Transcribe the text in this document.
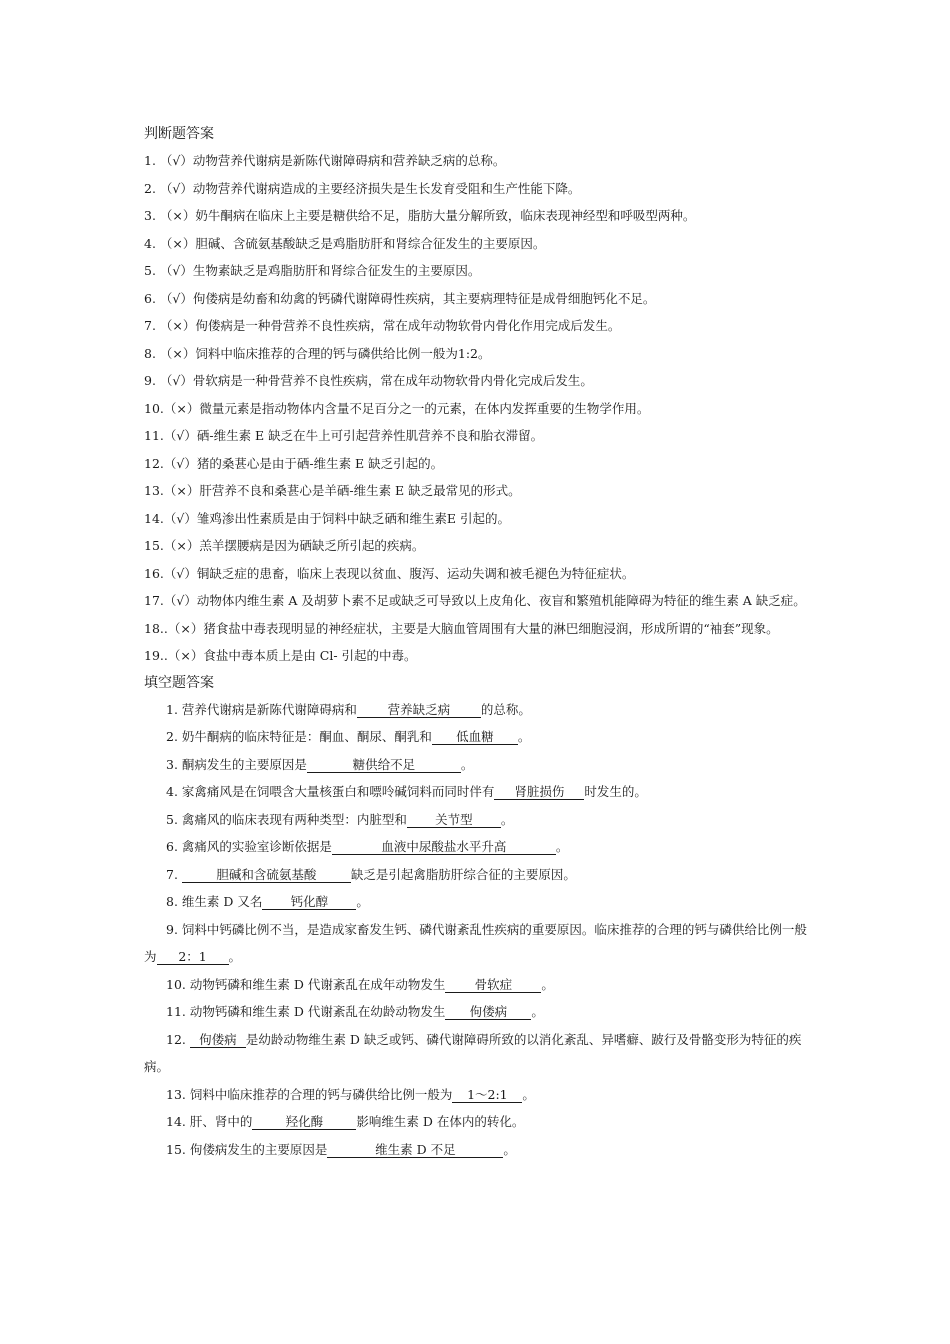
判断题答案
1. （√）动物营养代谢病是新陈代谢障碍病和营养缺乏病的总称。
2. （√）动物营养代谢病造成的主要经济损失是生长发育受阻和生产性能下降。
3. （×）奶牛酮病在临床上主要是糖供给不足，脂肪大量分解所致，临床表现神经型和呼吸型两种。
4. （×）胆碱、含硫氨基酸缺乏是鸡脂肪肝和肾综合征发生的主要原因。
5. （√）生物素缺乏是鸡脂肪肝和肾综合征发生的主要原因。
6. （√）佝偻病是幼畜和幼禽的钙磷代谢障碍性疾病，其主要病理特征是成骨细胞钙化不足。
7. （×）佝偻病是一种骨营养不良性疾病，常在成年动物软骨内骨化作用完成后发生。
8. （×）饲料中临床推荐的合理的钙与磷供给比例一般为1:2。
9. （√）骨软病是一种骨营养不良性疾病，常在成年动物软骨内骨化完成后发生。
10.（×）微量元素是指动物体内含量不足百分之一的元素，在体内发挥重要的生物学作用。
11.（√）硒-维生素 E 缺乏在牛上可引起营养性肌营养不良和胎衣滞留。
12.（√）猪的桑葚心是由于硒-维生素 E 缺乏引起的。
13.（×）肝营养不良和桑葚心是羊硒-维生素 E 缺乏最常见的形式。
14.（√）雏鸡渗出性素质是由于饲料中缺乏硒和维生素E 引起的。
15.（×）羔羊摆腰病是因为硒缺乏所引起的疾病。
16.（√）铜缺乏症的患畜，临床上表现以贫血、腹泻、运动失调和被毛褪色为特征症状。
17.（√）动物体内维生素 A 及胡萝卜素不足或缺乏可导致以上皮角化、夜盲和繁殖机能障碍为特征的维生素 A 缺乏症。
18..（×）猪食盐中毒表现明显的神经症状，主要是大脑血管周围有大量的淋巴细胞浸润，形成所谓的“袖套”现象。
19..（×）食盐中毒本质上是由 Cl- 引起的中毒。
填空题答案
1. 营养代谢病是新陈代谢障碍病和 营养缺乏病 的总称。
2. 奶牛酮病的临床特征是：酮血、酮尿、酮乳和 低血糖 。
3. 酮病发生的主要原因是	糖供给不足	。
4. 家禽痛风是在饲喂含大量核蛋白和嘌呤碱饲料而同时伴有 肾脏损伤 时发生的。
5. 禽痛风的临床表现有两种类型：内脏型和 关节型 。
6. 禽痛风的实验室诊断依据是	血液中尿酸盐水平升高	。
7.	胆碱和含硫氨基酸	缺乏是引起禽脂肪肝综合征的主要原因。
8. 维生素 D 又名 钙化醇 。
9. 饲料中钙磷比例不当，是造成家畜发生钙、磷代谢紊乱性疾病的重要原因。临床推荐的合理的钙与磷供给比例一般为 2：1 。
10. 动物钙磷和维生素 D 代谢紊乱在成年动物发生 骨软症 。
11. 动物钙磷和维生素 D 代谢紊乱在幼龄动物发生 佝偻病 。
12. 佝偻病 是幼龄动物维生素 D 缺乏或钙、磷代谢障碍所致的以消化紊乱、异嗜癖、跛行及骨骼变形为特征的疾病。
13. 饲料中临床推荐的合理的钙与磷供给比例一般为 1～2:1 。
14. 肝、肾中的	羟化酶	影响维生素 D 在体内的转化。
15. 佝偻病发生的主要原因是	维生素 D 不足	。
